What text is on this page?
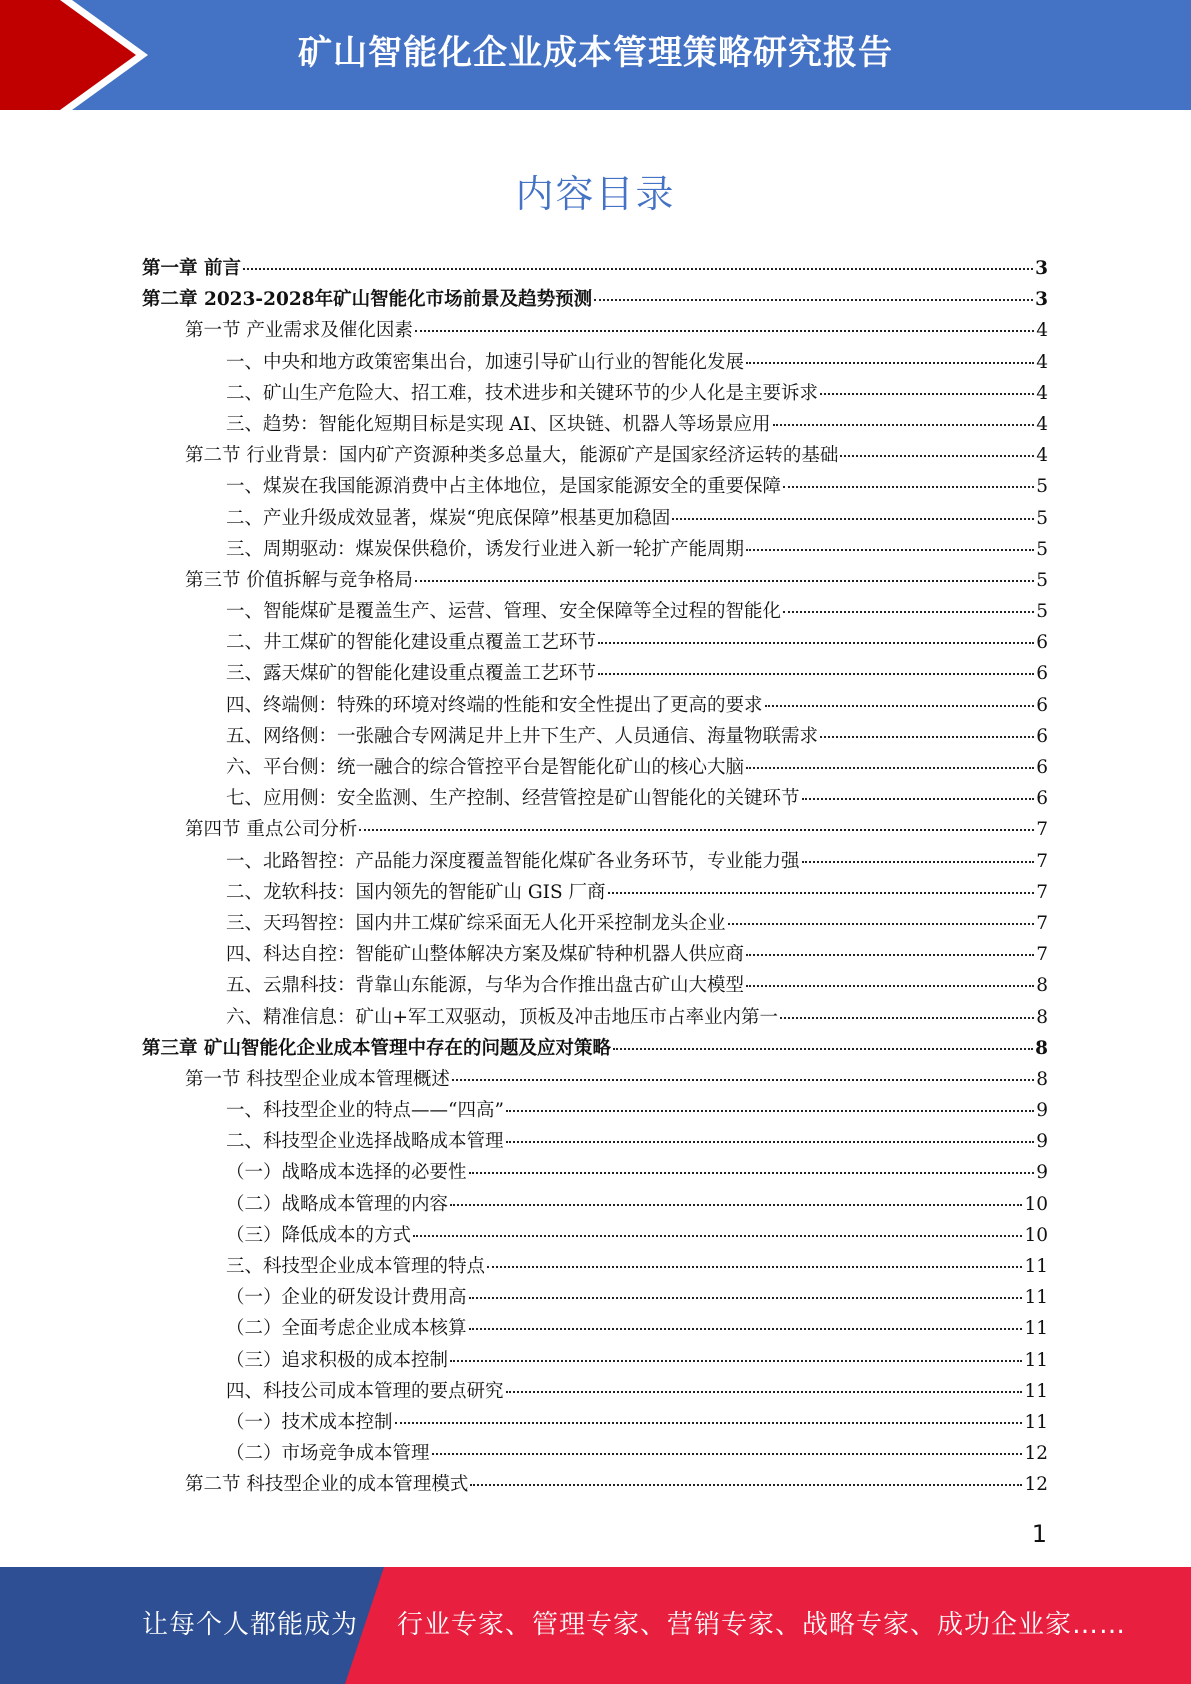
矿山智能化企业成本管理策略研究报告
内容目录
第一章 前言	3
第二章 2023-2028年矿山智能化市场前景及趋势预测	3
第一节 产业需求及催化因素	4
一、中央和地方政策密集出台，加速引导矿山行业的智能化发展	4
二、矿山生产危险大、招工难，技术进步和关键环节的少人化是主要诉求	4
三、趋势：智能化短期目标是实现 AI、区块链、机器人等场景应用	4
第二节 行业背景：国内矿产资源种类多总量大，能源矿产是国家经济运转的基础	4
一、煤炭在我国能源消费中占主体地位，是国家能源安全的重要保障	5
二、产业升级成效显著，煤炭“兜底保障”根基更加稳固	5
三、周期驱动：煤炭保供稳价，诱发行业进入新一轮扩产能周期	5
第三节 价值拆解与竞争格局	5
一、智能煤矿是覆盖生产、运营、管理、安全保障等全过程的智能化	5
二、井工煤矿的智能化建设重点覆盖工艺环节	6
三、露天煤矿的智能化建设重点覆盖工艺环节	6
四、终端侧：特殊的环境对终端的性能和安全性提出了更高的要求	6
五、网络侧：一张融合专网满足井上井下生产、人员通信、海量物联需求	6
六、平台侧：统一融合的综合管控平台是智能化矿山的核心大脑	6
七、应用侧：安全监测、生产控制、经营管控是矿山智能化的关键环节	6
第四节 重点公司分析	7
一、北路智控：产品能力深度覆盖智能化煤矿各业务环节，专业能力强	7
二、龙软科技：国内领先的智能矿山 GIS 厂商	7
三、天玛智控：国内井工煤矿综采面无人化开采控制龙头企业	7
四、科达自控：智能矿山整体解决方案及煤矿特种机器人供应商	7
五、云鼎科技：背靠山东能源，与华为合作推出盘古矿山大模型	8
六、精准信息：矿山+军工双驱动，顶板及冲击地压市占率业内第一	8
第三章 矿山智能化企业成本管理中存在的问题及应对策略	8
第一节 科技型企业成本管理概述	8
一、科技型企业的特点——“四高”	9
二、科技型企业选择战略成本管理	9
（一）战略成本选择的必要性	9
（二）战略成本管理的内容	10
（三）降低成本的方式	10
三、科技型企业成本管理的特点	11
（一）企业的研发设计费用高	11
（二）全面考虑企业成本核算	11
（三）追求积极的成本控制	11
四、科技公司成本管理的要点研究	11
（一）技术成本控制	11
（二）市场竞争成本管理	12
第二节 科技型企业的成本管理模式	12
1
让每个人都能成为 行业专家、管理专家、营销专家、战略专家、成功企业家……
